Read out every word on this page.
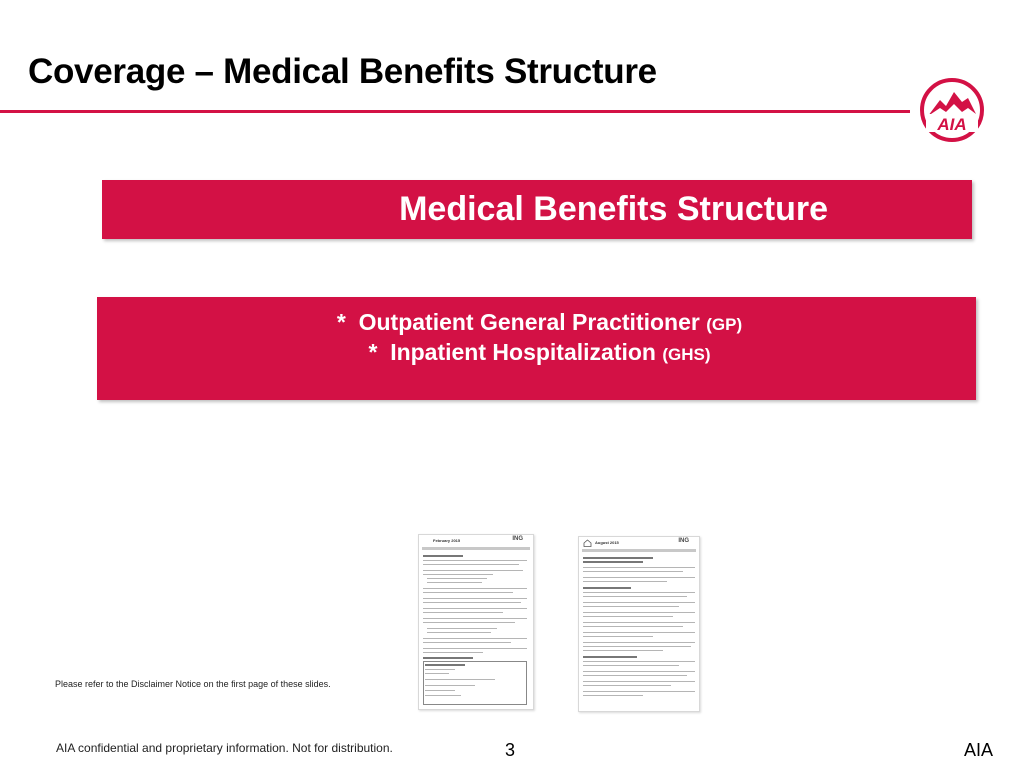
Coverage – Medical Benefits Structure
AIA
Medical Benefits Structure
* Outpatient General Practitioner (GP)
* Inpatient Hospitalization (GHS)
February 2015	ING
August 2015	ING
Please refer to the Disclaimer Notice on the first page of these slides.
AIA confidential and proprietary information. Not for distribution.	3	AIA
